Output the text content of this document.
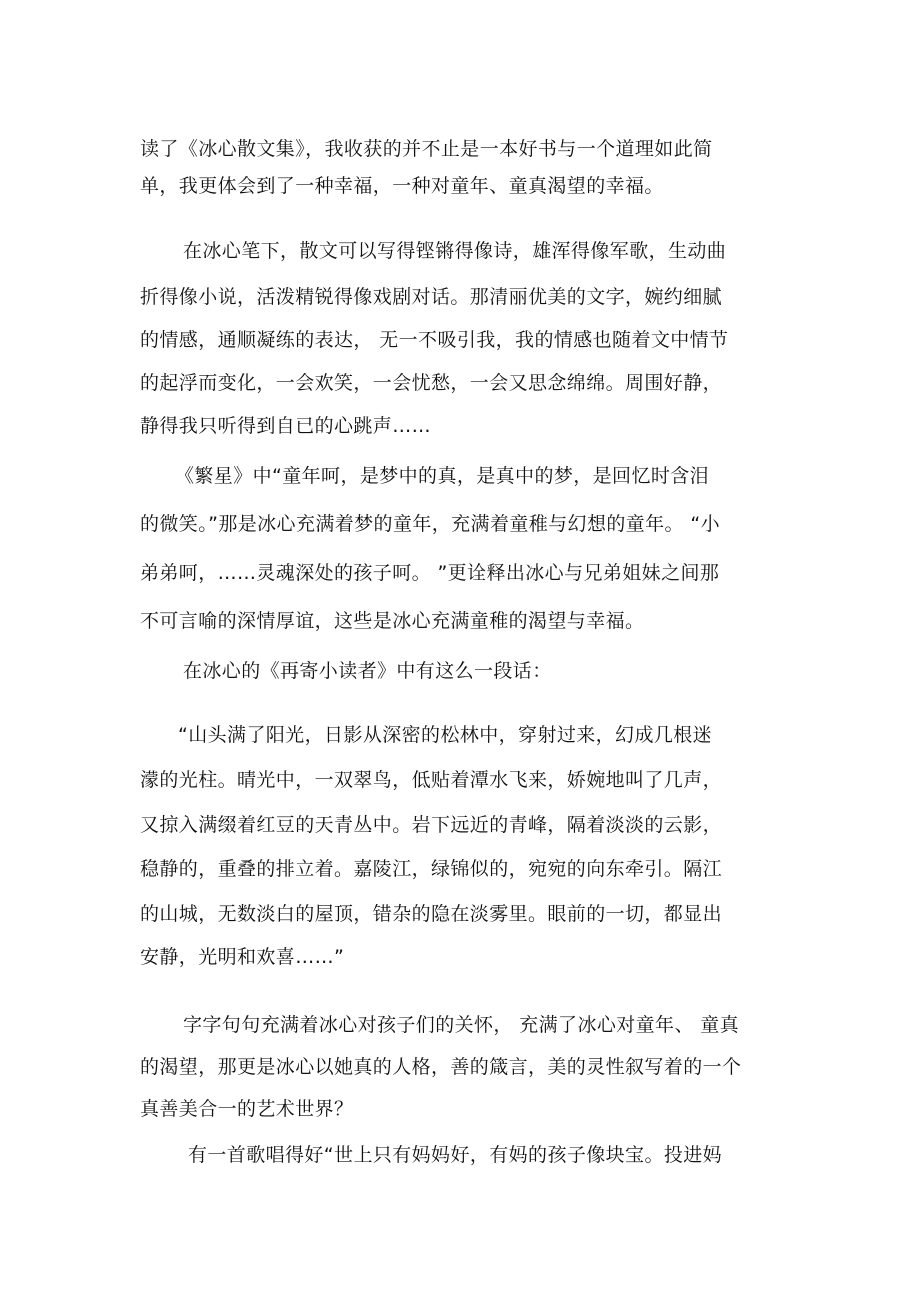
读了《冰心散文集》，我收获的并不止是一本好书与一个道理如此简
单，我更体会到了一种幸福，一种对童年、童真渴望的幸福。
在冰心笔下，散文可以写得铿锵得像诗，雄浑得像军歌，生动曲
折得像小说，活泼精锐得像戏剧对话。那清丽优美的文字，婉约细腻
的情感，通顺凝练的表达， 无一不吸引我，我的情感也随着文中情节
的起浮而变化，一会欢笑，一会忧愁，一会又思念绵绵。周围好静，
静得我只听得到自已的心跳声……
《繁星》中“童年呵，是梦中的真，是真中的梦，是回忆时含泪
的微笑。”那是冰心充满着梦的童年，充满着童稚与幻想的童年。 “小
弟弟呵，……灵魂深处的孩子呵。 ”更诠释出冰心与兄弟姐妹之间那
不可言喻的深情厚谊，这些是冰心充满童稚的渴望与幸福。
在冰心的《再寄小读者》中有这么一段话：
“山头满了阳光，日影从深密的松林中，穿射过来，幻成几根迷
濛的光柱。晴光中，一双翠鸟，低贴着潭水飞来，娇婉地叫了几声，
又掠入满缀着红豆的天青丛中。岩下远近的青峰，隔着淡淡的云影，
稳静的，重叠的排立着。嘉陵江，绿锦似的，宛宛的向东牵引。隔江
的山城，无数淡白的屋顶，错杂的隐在淡雾里。眼前的一切，都显出
安静，光明和欢喜……”
字字句句充满着冰心对孩子们的关怀， 充满了冰心对童年、 童真
的渴望，那更是冰心以她真的人格，善的箴言，美的灵性叙写着的一个
真善美合一的艺术世界？
有一首歌唱得好“世上只有妈妈好，有妈的孩子像块宝。投进妈
